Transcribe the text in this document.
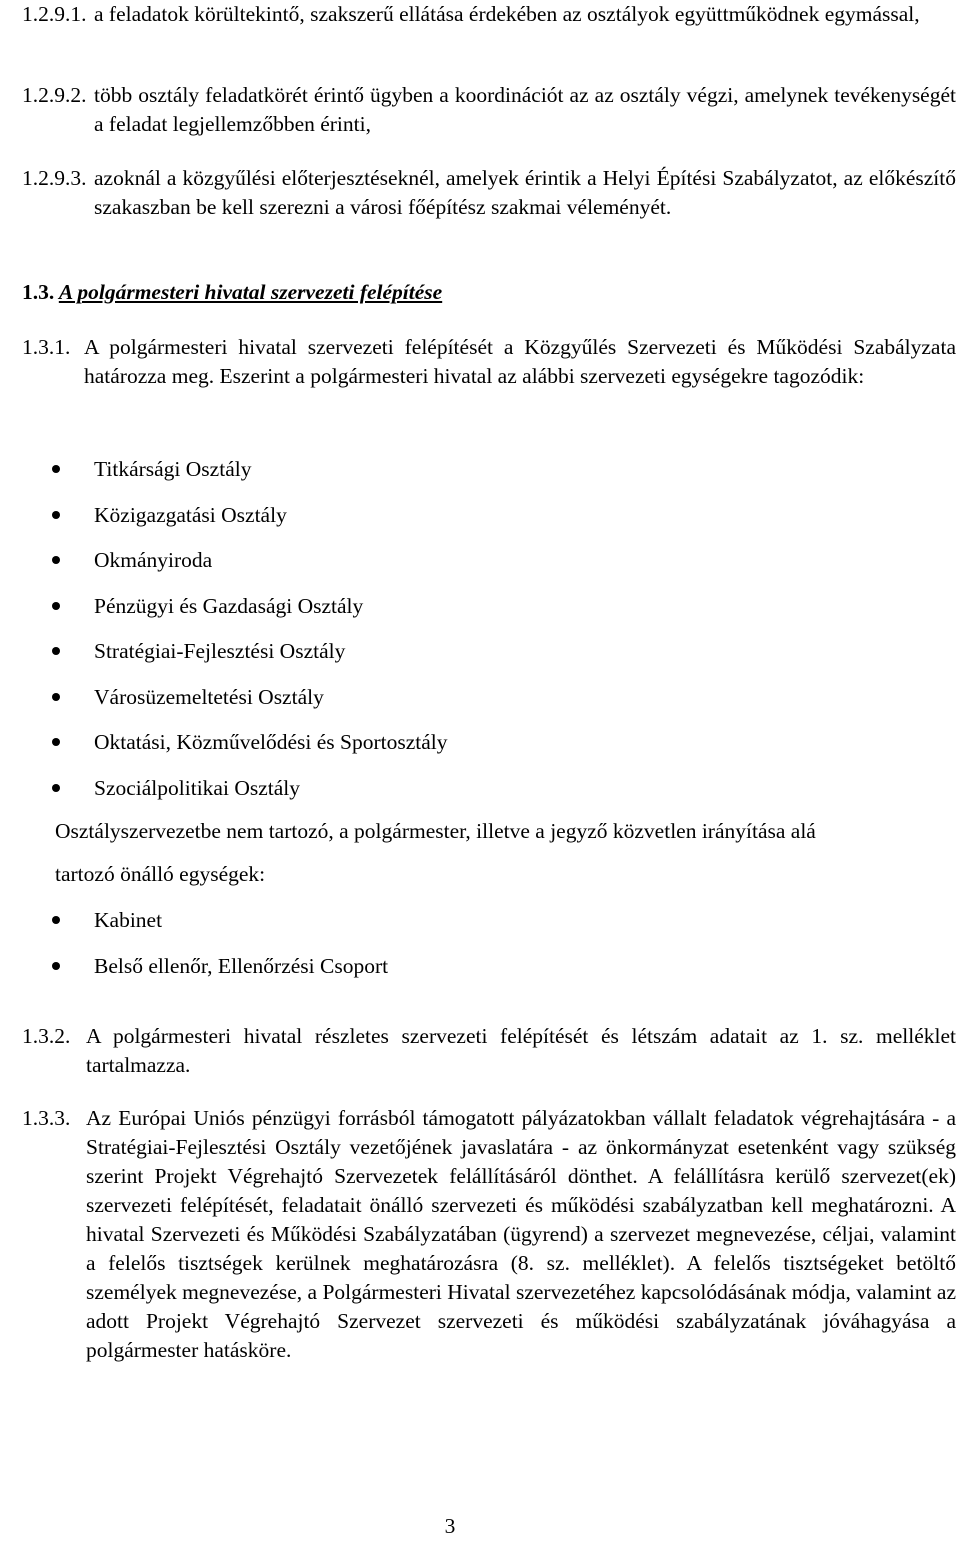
1.2.9.1. a feladatok körültekintő, szakszerű ellátása érdekében az osztályok együttműködnek egymással,
1.2.9.2. több osztály feladatkörét érintő ügyben a koordinációt az az osztály végzi, amelynek tevékenységét a feladat legjellemzőbben érinti,
1.2.9.3. azoknál a közgyűlési előterjesztéseknél, amelyek érintik a Helyi Építési Szabályzatot, az előkészítő szakaszban be kell szerezni a városi főépítész szakmai véleményét.
1.3. A polgármesteri hivatal szervezeti felépítése
1.3.1. A polgármesteri hivatal szervezeti felépítését a Közgyűlés Szervezeti és Működési Szabályzata határozza meg. Eszerint a polgármesteri hivatal az alábbi szervezeti egységekre tagozódik:
Titkársági Osztály
Közigazgatási Osztály
Okmányiroda
Pénzügyi és Gazdasági Osztály
Stratégiai-Fejlesztési Osztály
Városüzemeltetési Osztály
Oktatási, Közművelődési és Sportosztály
Szociálpolitikai Osztály
Osztályszervezetbe nem tartozó, a polgármester, illetve a jegyző közvetlen irányítása alá
tartozó önálló egységek:
Kabinet
Belső ellenőr, Ellenőrzési Csoport
1.3.2. A polgármesteri hivatal részletes szervezeti felépítését és létszám adatait az 1. sz. melléklet tartalmazza.
1.3.3. Az Európai Uniós pénzügyi forrásból támogatott pályázatokban vállalt feladatok végrehajtására - a Stratégiai-Fejlesztési Osztály vezetőjének javaslatára - az önkormányzat esetenként vagy szükség szerint Projekt Végrehajtó Szervezetek felállításáról dönthet. A felállításra kerülő szervezet(ek) szervezeti felépítését, feladatait önálló szervezeti és működési szabályzatban kell meghatározni. A hivatal Szervezeti és Működési Szabályzatában (ügyrend) a szervezet megnevezése, céljai, valamint a felelős tisztségek kerülnek meghatározásra (8. sz. melléklet). A felelős tisztségeket betöltő személyek megnevezése, a Polgármesteri Hivatal szervezetéhez kapcsolódásának módja, valamint az adott Projekt Végrehajtó Szervezet szervezeti és működési szabályzatának jóváhagyása a polgármester hatásköre.
3
